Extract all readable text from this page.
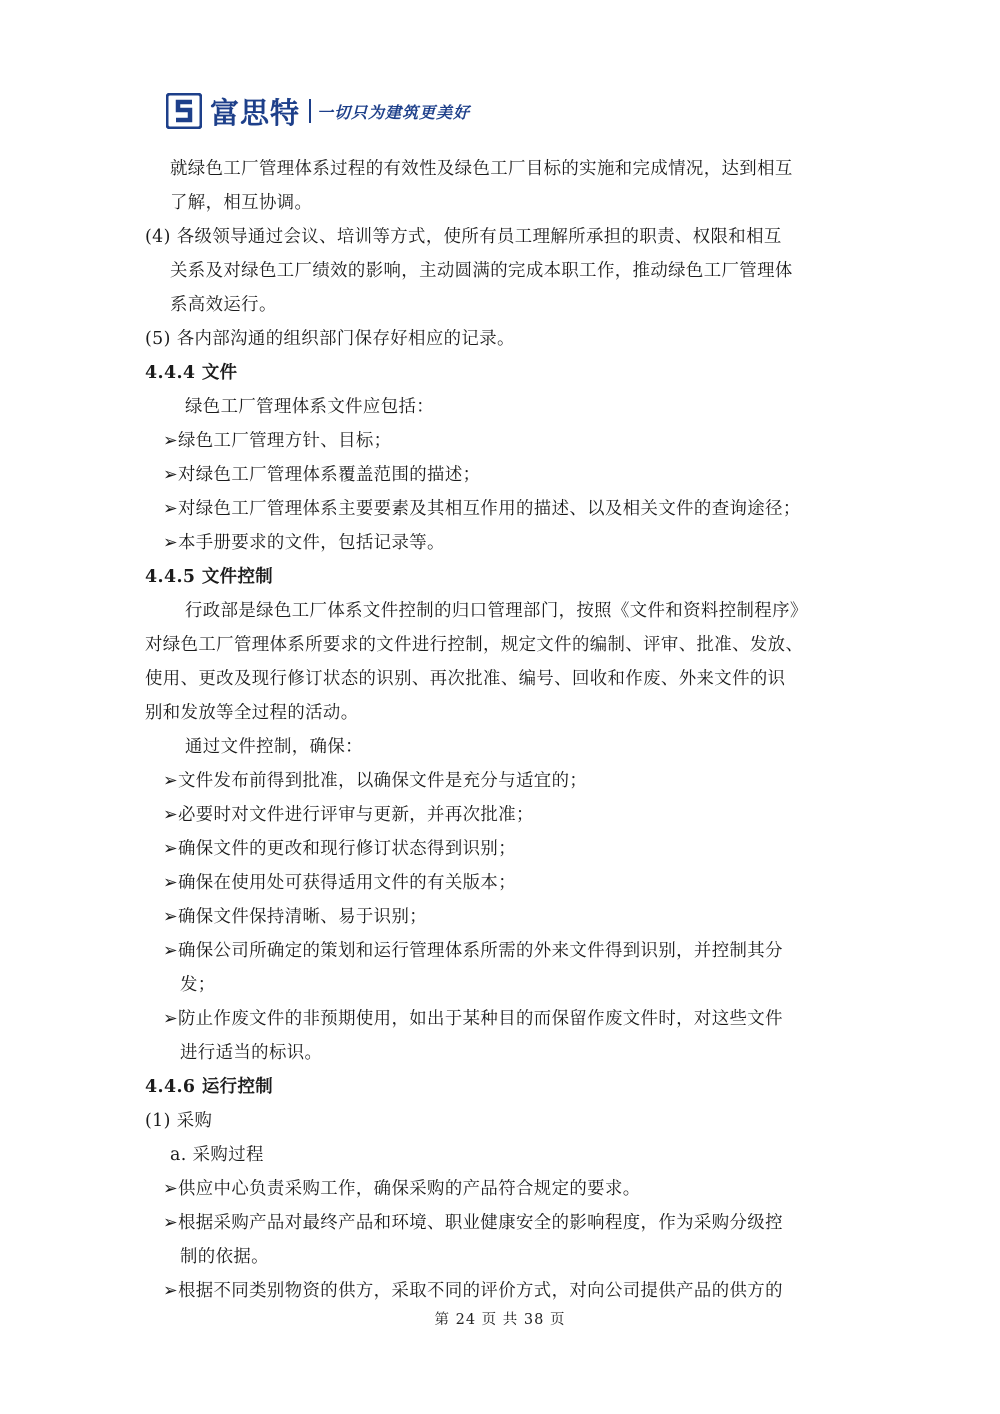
富思特 一切只为建筑更美好
就绿色工厂管理体系过程的有效性及绿色工厂目标的实施和完成情况，达到相互
了解，相互协调。
(4) 各级领导通过会议、培训等方式，使所有员工理解所承担的职责、权限和相互
关系及对绿色工厂绩效的影响，主动圆满的完成本职工作，推动绿色工厂管理体
系高效运行。
(5) 各内部沟通的组织部门保存好相应的记录。
4.4.4 文件
绿色工厂管理体系文件应包括：
➢绿色工厂管理方针、目标；
➢对绿色工厂管理体系覆盖范围的描述；
➢对绿色工厂管理体系主要要素及其相互作用的描述、以及相关文件的查询途径；
➢本手册要求的文件，包括记录等。
4.4.5 文件控制
行政部是绿色工厂体系文件控制的归口管理部门，按照《文件和资料控制程序》
对绿色工厂管理体系所要求的文件进行控制，规定文件的编制、评审、批准、发放、
使用、更改及现行修订状态的识别、再次批准、编号、回收和作废、外来文件的识
别和发放等全过程的活动。
通过文件控制，确保：
➢文件发布前得到批准，以确保文件是充分与适宜的；
➢必要时对文件进行评审与更新，并再次批准；
➢确保文件的更改和现行修订状态得到识别；
➢确保在使用处可获得适用文件的有关版本；
➢确保文件保持清晰、易于识别；
➢确保公司所确定的策划和运行管理体系所需的外来文件得到识别，并控制其分
发；
➢防止作废文件的非预期使用，如出于某种目的而保留作废文件时，对这些文件
进行适当的标识。
4.4.6 运行控制
(1) 采购
a. 采购过程
➢供应中心负责采购工作，确保采购的产品符合规定的要求。
➢根据采购产品对最终产品和环境、职业健康安全的影响程度，作为采购分级控
制的依据。
➢根据不同类别物资的供方，采取不同的评价方式，对向公司提供产品的供方的
第 24 页 共 38 页
